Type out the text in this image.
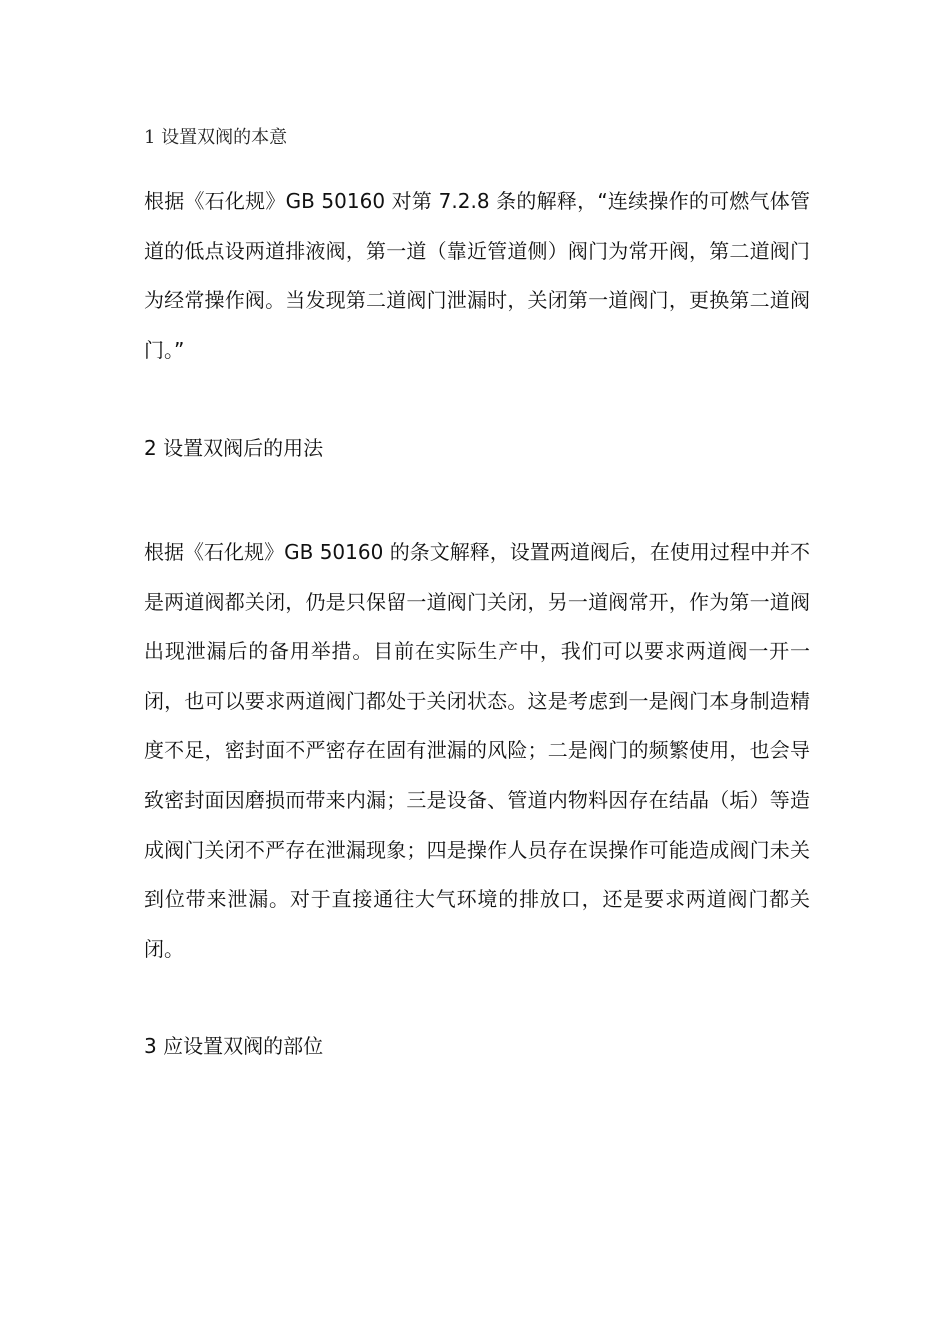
1 设置双阀的本意

根据《石化规》GB 50160 对第 7.2.8 条的解释，“连续操作的可燃气体管道的低点设两道排液阀，第一道（靠近管道侧）阀门为常开阀，第二道阀门为经常操作阀。当发现第二道阀门泄漏时，关闭第一道阀门，更换第二道阀门。”

2 设置双阀后的用法

根据《石化规》GB 50160 的条文解释，设置两道阀后，在使用过程中并不是两道阀都关闭，仍是只保留一道阀门关闭，另一道阀常开，作为第一道阀出现泄漏后的备用举措。目前在实际生产中，我们可以要求两道阀一开一闭，也可以要求两道阀门都处于关闭状态。这是考虑到一是阀门本身制造精度不足，密封面不严密存在固有泄漏的风险；二是阀门的频繁使用，也会导致密封面因磨损而带来内漏；三是设备、管道内物料因存在结晶（垢）等造成阀门关闭不严存在泄漏现象；四是操作人员存在误操作可能造成阀门未关到位带来泄漏。对于直接通往大气环境的排放口，还是要求两道阀门都关闭。

3 应设置双阀的部位
